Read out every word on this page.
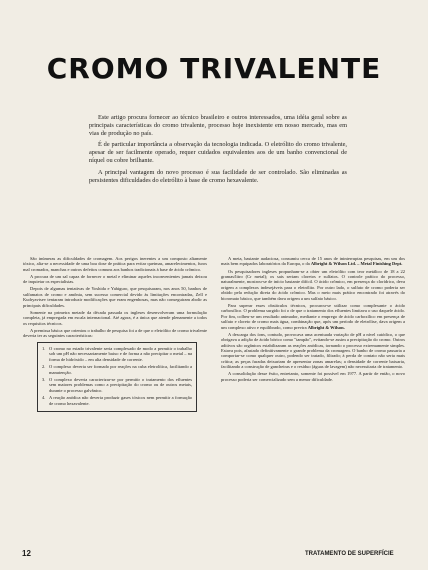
CROMO TRIVALENTE

Este artigo procura fornecer ao técnico brasileiro e outros interessados, uma idéia geral sobre as principais características do cromo trivalente, processo hoje inexistente em nosso mercado, mas em vias de produção no país.

É de particular importância a observação da tecnologia indicada. O eletrólito do cromo trivalente, apesar de ser facilmente operado, requer cuidados equivalentes aos de um banho convencional de níquel ou cobre brilhante.

A principal vantagem do novo processo é sua facilidade de ser controlado. São eliminadas as persistentes dificuldades do eletrólito à base de cromo hexavalente.

São inúmeras as dificuldades de cromagem. Aos perigos inerentes a um composto altamente tóxico, alia-se a necessidade de uma boa dose de prática para evitar queimas, amarelecimentos, furos mal cromados, manchas e outros defeitos comuns aos banhos tradicionais à base de ácido crômico.

A procura de um sal capaz de fornecer o metal e eliminar aqueles inconvenientes jamais deixou de inquietar os especialistas.

Depois de algumas tentativas de Yoshida e Yahiguro, que pesquisaram, nos anos 50, banhos de sulfamatos de cromo e amônia, sem sucesso comercial devido às limitações encontradas, Zell e Kudryavtsev tentaram introduzir modificações que eram engenhosas, mas não conseguiram abolir as principais dificuldades.

Somente na primeira metade da década passada os ingleses desenvolveram uma formulação completa, já empregada em escala internacional. Até agora, é a única que atende plenamente a todos os requisitos técnicos.

A premissa básica que orientou o trabalho de pesquisa foi a de que o eletrólito de cromo trivalente deveria ter as seguintes características:

1. O cromo no estado trivalente seria complexado de modo a permitir o trabalho sob um pH não necessariamente baixo e de forma a não precipitar o metal – na forma de hidróxido – em alta densidade de corrente.
2. O complexo deveria ser formado por reações na cuba eletrolítica, facilitando a manutenção.
3. O complexo deveria caracterizar-se por permitir o tratamento dos efluentes sem maiores problemas como a precipitação do cromo ou de outros metais, durante o processo galvânico.
4. A reação anódica não deveria produzir gases tóxicos nem permitir a formação de cromo hexavalente.

A meta, bastante audaciosa, consumiu cerca de 15 anos de ininterruptas pesquisas, em um dos mais bem equipados laboratórios da Europa, o da Albright & Wilson Ltd. – Metal Finishing Dept.

Os pesquisadores ingleses propunham-se a obter um eletrólito com teor metálico de 18 a 22 gramas/litro (Cr metal); os sais seriam cloretos e sulfatos. O controle prático do processo, naturalmente, mostrou-se de início bastante difícil. O ácido crômico, em presença do clorídrico, deva origem a complexos indesejáveis para o eletrólito. Por outro lado, o sulfato de cromo poderia ser obtido pela redução direta do ácido crômico. Mas o meio mais prático encontrado foi através do bicromato básico, que também dava origem a um sulfato básico.

Para superar esses obstáculos técnicos, procurou-se utilizar como complexante o ácido carboxílico. O problema surgido foi o de que o tratamento dos efluentes limitava o uso daquele ácido. Por fim, colheu-se um resultado animador, mediante o emprego de ácido carboxílico em presença de sulfato e cloreto de cromo mais água, combinação que, após um período de eletrólise, dava origem a um complexo ativo e equilibrado, como previra Albright & Wilson.

A descarga dos íons, contudo, provocava uma acentuada variação de pH a nível catódico, o que obrigava a adição de ácido bórico como "tampão", evitando-se assim a precipitação do cromo. Outros aditivos são orgânicos estabilizaram as reações anódicas, tornando o processo extremamente simples. Estava pois, afastado definitivamente o grande problema da cromagem. O banho de cromo passaria a comportar-se como qualquer outro, podendo ser tratado, filtrado; à perda de contato não seria mais crítica; as peças furadas deixariam de apresentar zonas amarelas; a densidade de corrente baixaria, facilitando a construção de gancheiras e o resíduo (águas de lavagem) não necessitaria de tratamento.

A consolidação desse êxito, entretanto, somente foi possível em 1977. A partir de então, o novo processo poderia ser comercializado sem a menor dificuldade.

12	TRATAMENTO DE SUPERFÍCIE
